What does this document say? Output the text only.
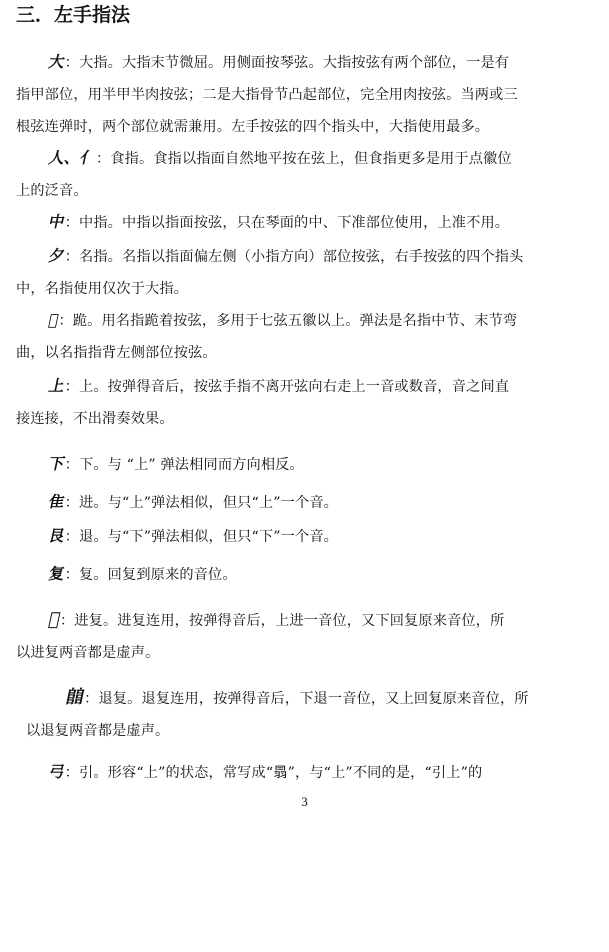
三．左手指法
大：大指。大指末节微屈。用侧面按琴弦。大指按弦有两个部位，一是有
指甲部位，用半甲半肉按弦；二是大指骨节凸起部位，完全用肉按弦。当两或三
根弦连弹时，两个部位就需兼用。左手按弦的四个指头中，大指使用最多。
人、亻：食指。食指以指面自然地平按在弦上，但食指更多是用于点徽位
上的泛音。
中：中指。中指以指面按弦，只在琴面的中、下准部位使用，上准不用。
夕：名指。名指以指面偏左侧（小指方向）部位按弦，右手按弦的四个指头
中，名指使用仅次于大指。
𠯁：跪。用名指跪着按弦，多用于七弦五徽以上。弹法是名指中节、末节弯
曲，以名指指背左侧部位按弦。
上：上。按弹得音后，按弦手指不离开弦向右走上一音或数音，音之间直
接连接，不出滑奏效果。
下：下。与 “上” 弹法相同而方向相反。
隹：进。与“上”弹法相似，但只“上”一个音。
艮：退。与“下”弹法相似，但只“下”一个音。
复：复。回复到原来的音位。
𪥬：进复。进复连用，按弹得音后，上进一音位，又下回复原来音位，所
以进复两音都是虚声。
𨺅：退复。退复连用，按弹得音后，下退一音位，又上回复原来音位，所
以退复两音都是虚声。
弓：引。形容“上”的状态，常写成“𦐇”，与“上”不同的是，“引上”的
3
